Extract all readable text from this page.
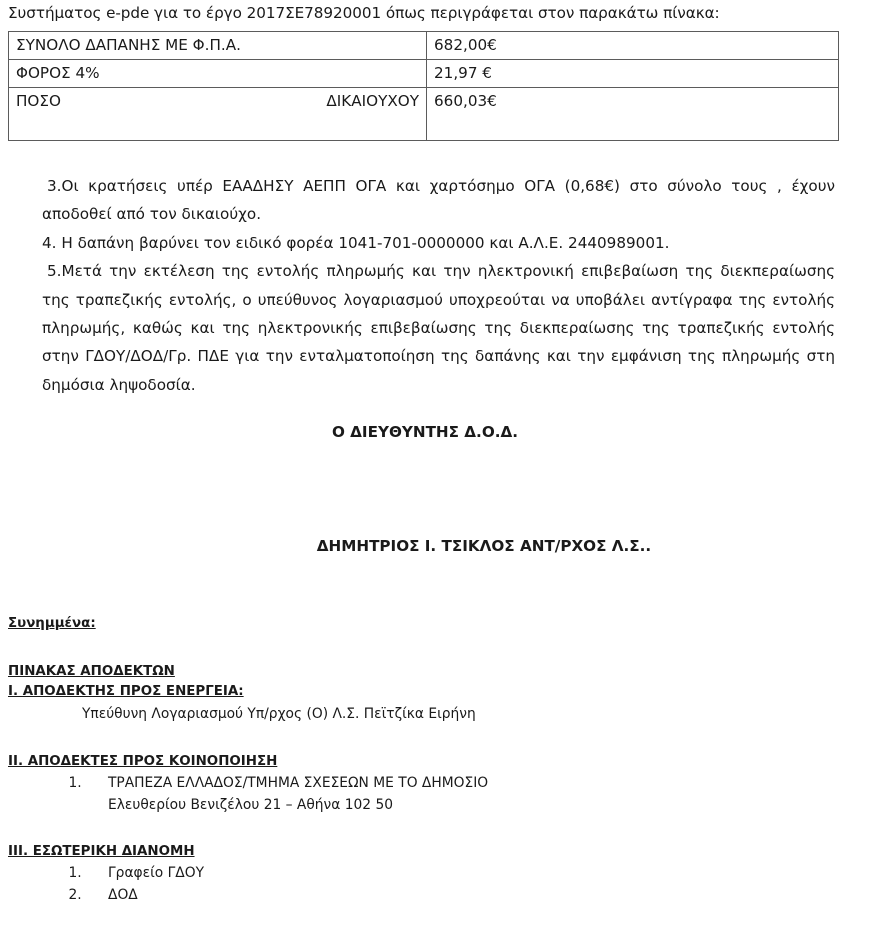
Συστήματος e-pde για το έργο 2017ΣΕ78920001 όπως περιγράφεται στον παρακάτω πίνακα:
ΣΥΝΟΛΟ ΔΑΠΑΝΗΣ ΜΕ Φ.Π.Α.	682,00€
ΦΟΡΟΣ 4%	21,97 €

ΠΟΣΟ ΔΙΚΑΙΟΥΧΟΥ	660,03€

3.Οι κρατήσεις υπέρ ΕΑΑΔΗΣΥ ΑΕΠΠ ΟΓΑ και χαρτόσημο ΟΓΑ (0,68€) στο σύνολο τους , έχουν αποδοθεί από τον δικαιούχο.

4. Η δαπάνη βαρύνει τον ειδικό φορέα 1041-701-0000000 και Α.Λ.Ε. 2440989001.

5.Μετά την εκτέλεση της εντολής πληρωμής και την ηλεκτρονική επιβεβαίωση της διεκπεραίωσης της τραπεζικής εντολής, ο υπεύθυνος λογαριασμού υποχρεούται να υποβάλει αντίγραφα της εντολής πληρωμής, καθώς και της ηλεκτρονικής επιβεβαίωσης της διεκπεραίωσης της τραπεζικής εντολής στην ΓΔΟΥ/ΔΟΔ/Γρ. ΠΔΕ για την ενταλματοποίηση της δαπάνης και την εμφάνιση της πληρωμής στη δημόσια ληψοδοσία.

Ο ΔΙΕΥΘΥΝΤΗΣ Δ.Ο.Δ.
ΔΗΜΗΤΡΙΟΣ Ι. ΤΣΙΚΛΟΣ ΑΝΤ/ΡΧΟΣ Λ.Σ..
Συνημμένα:
ΠΙΝΑΚΑΣ ΑΠΟΔΕΚΤΩΝ
Ι. ΑΠΟΔΕΚΤΗΣ ΠΡΟΣ ΕΝΕΡΓΕΙΑ:
Υπεύθυνη Λογαριασμού Υπ/ρχος (Ο) Λ.Σ. Πεϊτζίκα Ειρήνη
ΙΙ. ΑΠΟΔΕΚΤΕΣ ΠΡΟΣ ΚΟΙΝΟΠΟΙΗΣΗ
1. ΤΡΑΠΕΖΑ ΕΛΛΑΔΟΣ/ΤΜΗΜΑ ΣΧΕΣΕΩΝ ΜΕ ΤΟ ΔΗΜΟΣΙΟ
Ελευθερίου Βενιζέλου 21 – Αθήνα 102 50
ΙΙΙ. ΕΣΩΤΕΡΙΚΗ ΔΙΑΝΟΜΗ
1. Γραφείο ΓΔΟΥ
2. ΔΟΔ
